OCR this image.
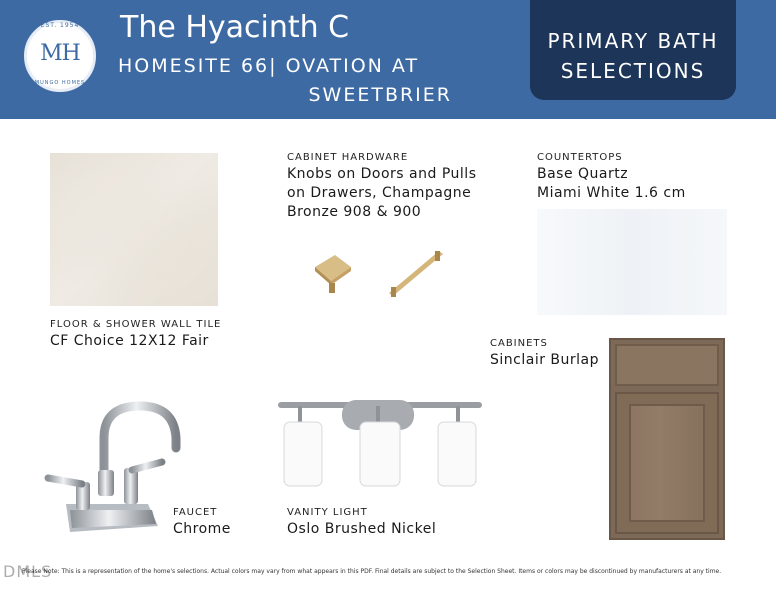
EST. 1954
MH
MUNGO HOMES
The Hyacinth C
HOMESITE 66| OVATION AT
SWEETBRIER
PRIMARY BATH
SELECTIONS
FLOOR & SHOWER WALL TILE
CF Choice 12X12 Fair
CABINET HARDWARE
Knobs on Doors and Pulls
on Drawers, Champagne
Bronze 908 & 900
COUNTERTOPS
Base Quartz
Miami White 1.6 cm
CABINETS
Sinclair Burlap
FAUCET
Chrome
VANITY LIGHT
Oslo Brushed Nickel
DMLS
Please Note: This is a representation of the home's selections. Actual colors may vary from what appears in this PDF. Final details are subject to the Selection Sheet. Items or colors may be discontinued by manufacturers at any time.
